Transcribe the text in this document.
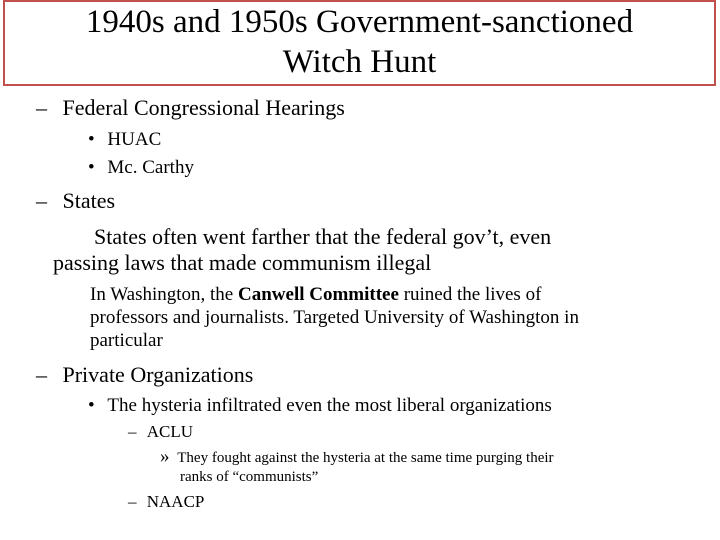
1940s and 1950s Government-sanctioned
Witch Hunt
– Federal Congressional Hearings
• HUAC
• Mc. Carthy
– States
States often went farther that the federal gov’t, even
passing laws that made communism illegal
In Washington, the Canwell Committee ruined the lives of
professors and journalists. Targeted University of Washington in
particular
– Private Organizations
• The hysteria infiltrated even the most liberal organizations
– ACLU
» They fought against the hysteria at the same time purging their
ranks of “communists”
– NAACP
